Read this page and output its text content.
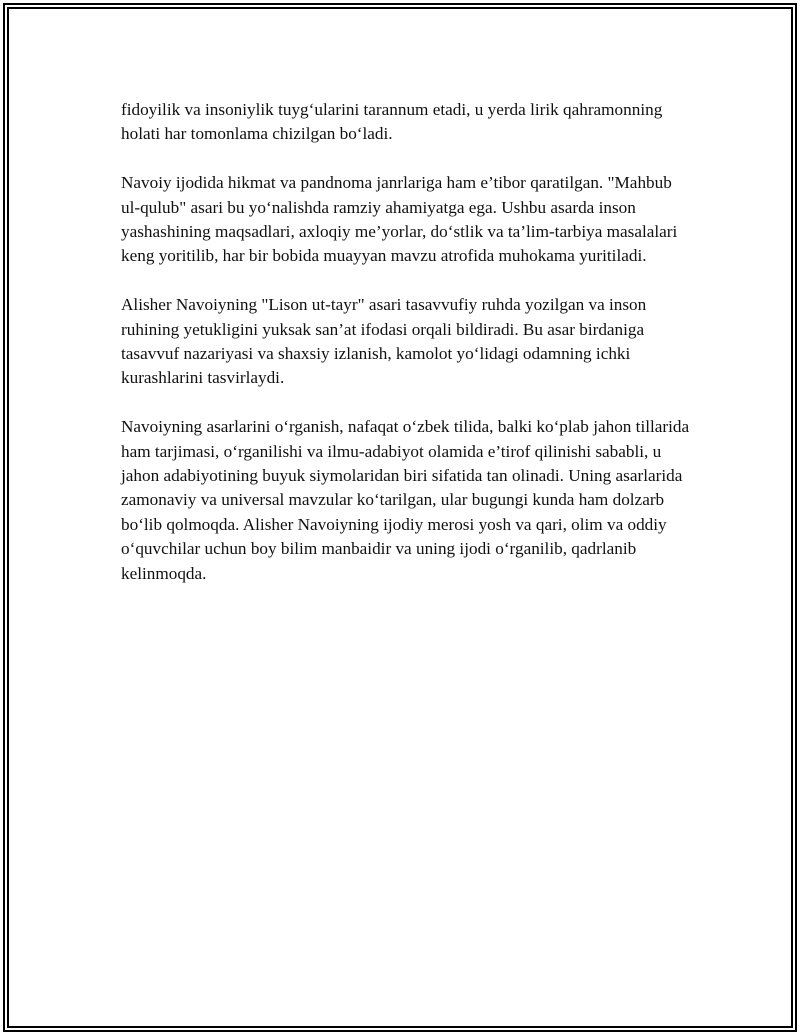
fidoyilik va insoniylik tuyg‘ularini tarannum etadi, u yerda lirik qahramonning holati har tomonlama chizilgan bo‘ladi.

Navoiy ijodida hikmat va pandnoma janrlariga ham e’tibor qaratilgan. "Mahbub ul-qulub" asari bu yo‘nalishda ramziy ahamiyatga ega. Ushbu asarda inson yashashining maqsadlari, axloqiy me’yorlar, do‘stlik va ta’lim-tarbiya masalalari keng yoritilib, har bir bobida muayyan mavzu atrofida muhokama yuritiladi.

Alisher Navoiyning "Lison ut-tayr" asari tasavvufiy ruhda yozilgan va inson ruhining yetukligini yuksak san’at ifodasi orqali bildiradi. Bu asar birdaniga tasavvuf nazariyasi va shaxsiy izlanish, kamolot yo‘lidagi odamning ichki kurashlarini tasvirlaydi.

Navoiyning asarlarini o‘rganish, nafaqat o‘zbek tilida, balki ko‘plab jahon tillarida ham tarjimasi, o‘rganilishi va ilmu-adabiyot olamida e’tirof qilinishi sababli, u jahon adabiyotining buyuk siymolaridan biri sifatida tan olinadi. Uning asarlarida zamonaviy va universal mavzular ko‘tarilgan, ular bugungi kunda ham dolzarb bo‘lib qolmoqda. Alisher Navoiyning ijodiy merosi yosh va qari, olim va oddiy o‘quvchilar uchun boy bilim manbaidir va uning ijodi o‘rganilib, qadrlanib kelinmoqda.
